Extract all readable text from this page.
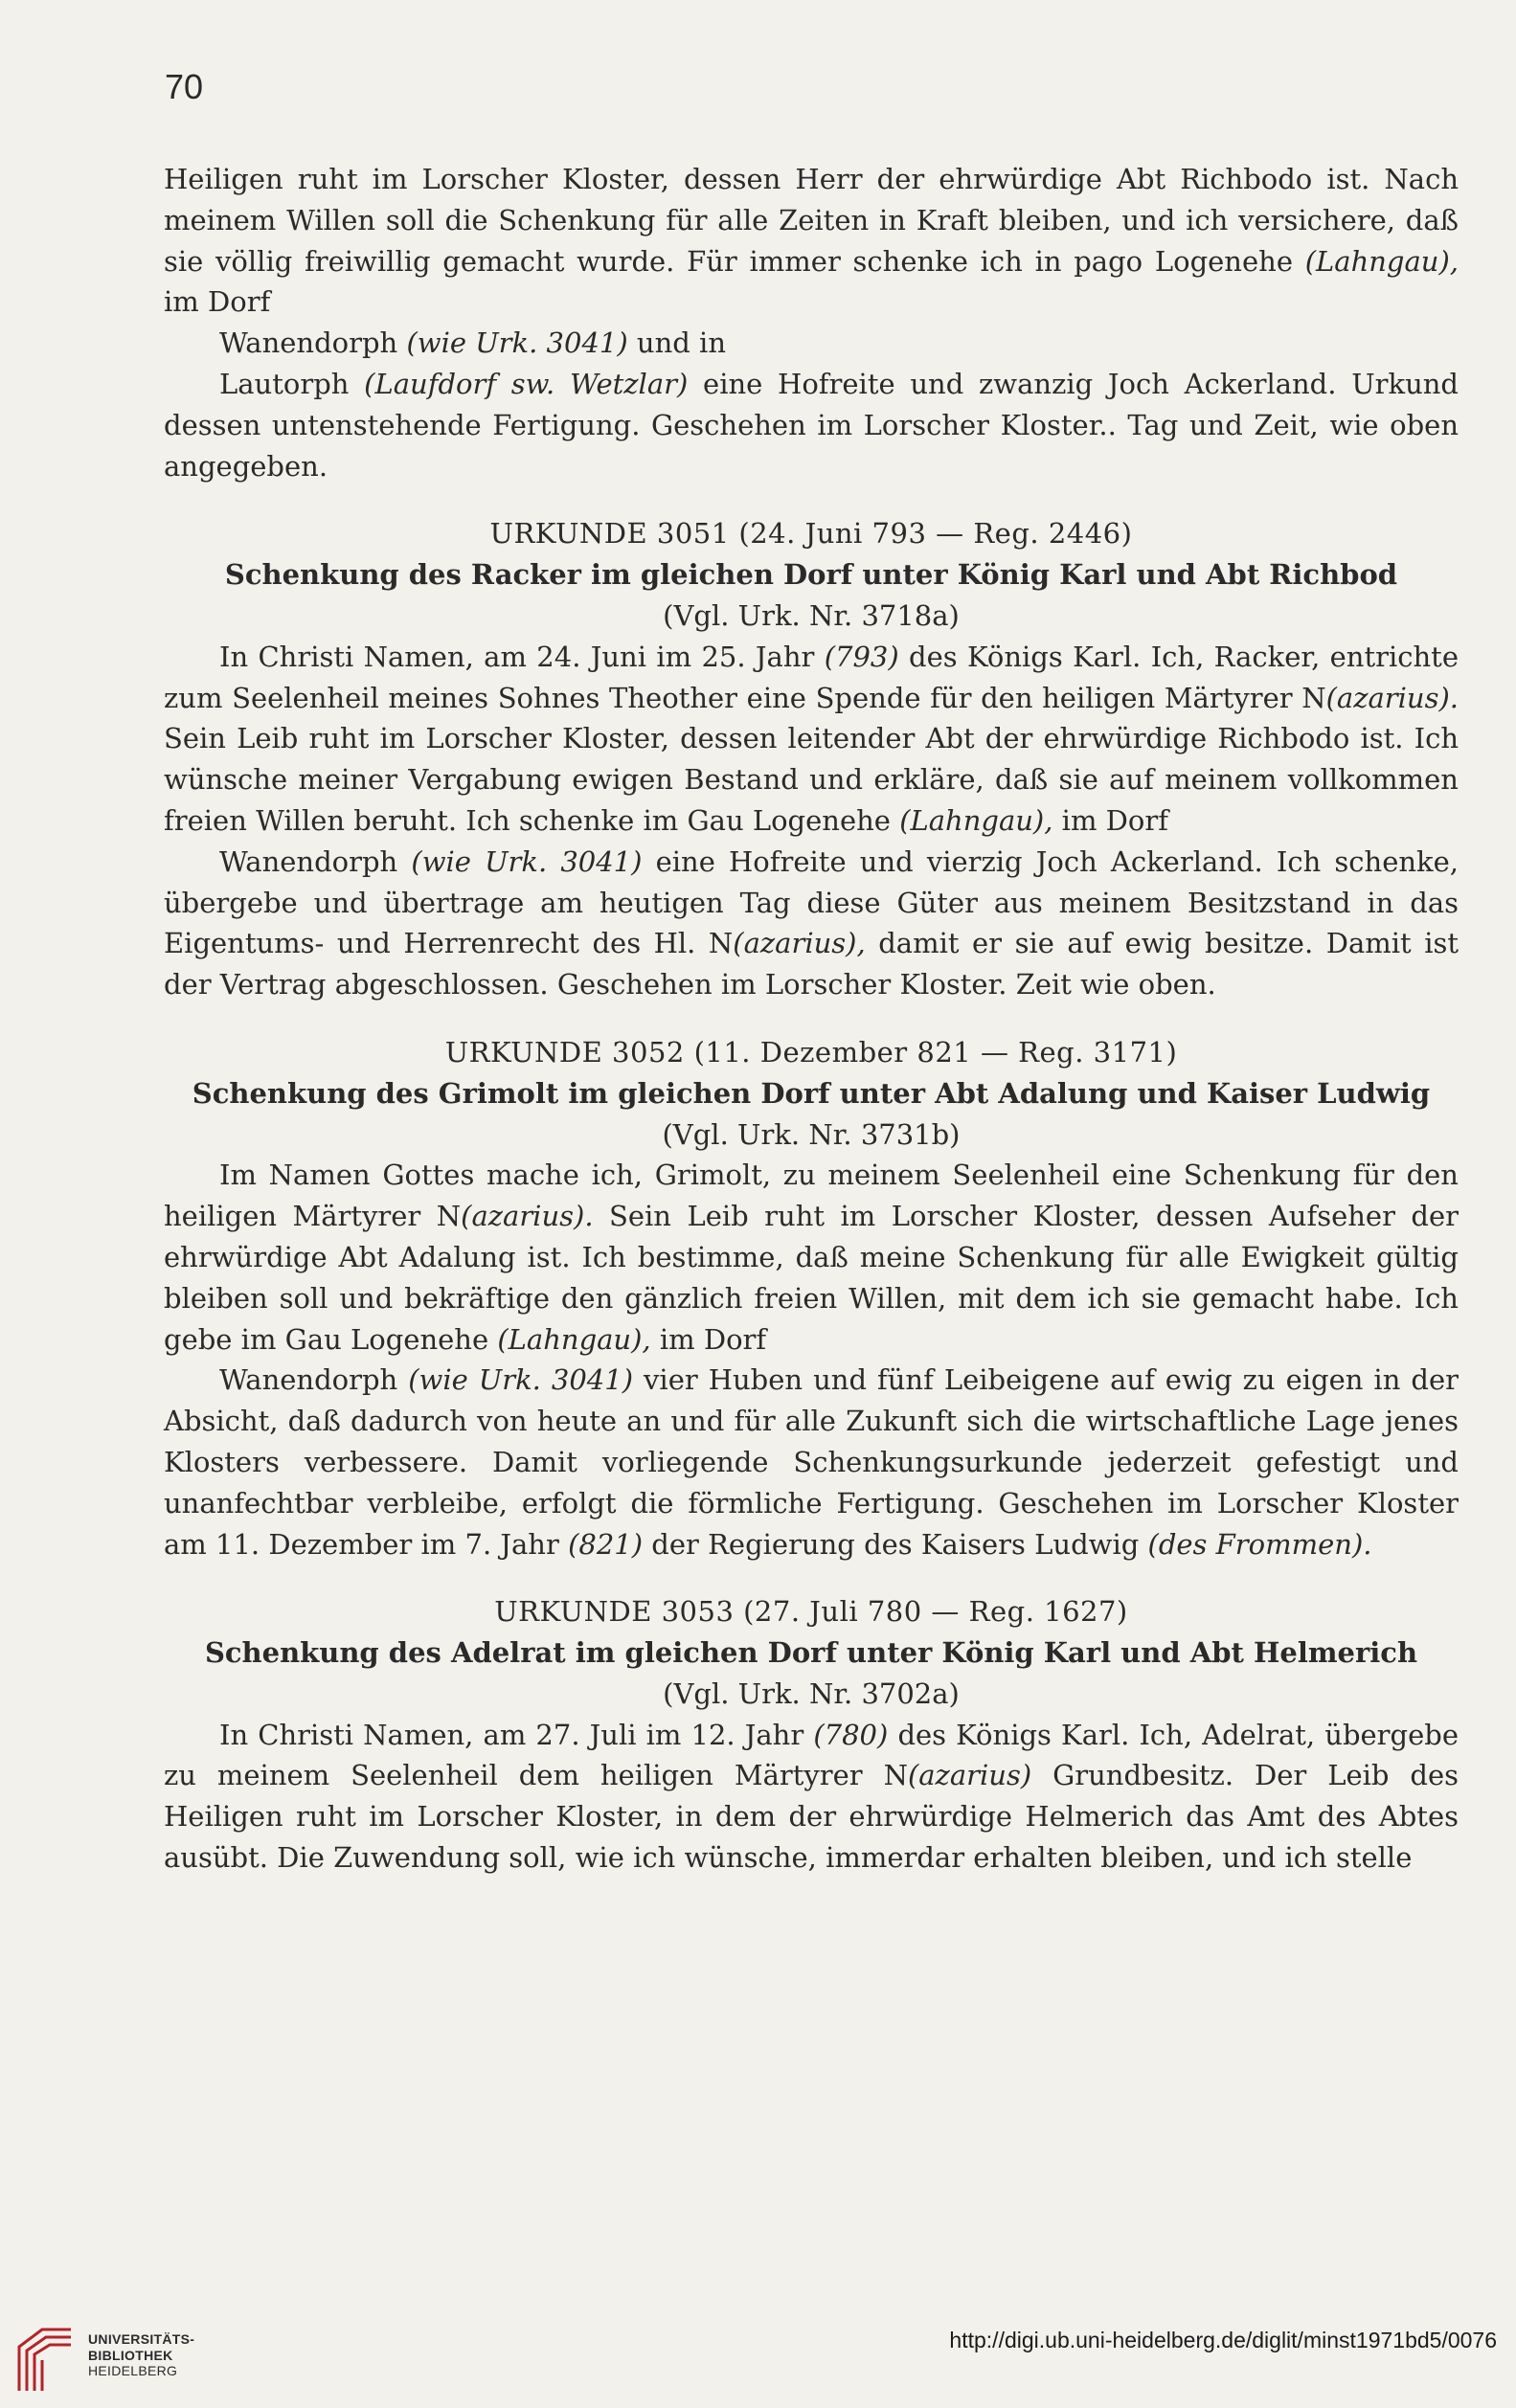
70

Heiligen ruht im Lorscher Kloster, dessen Herr der ehrwürdige Abt Richbodo ist. Nach meinem Willen soll die Schenkung für alle Zeiten in Kraft bleiben, und ich versichere, daß sie völlig freiwillig gemacht wurde. Für immer schenke ich in pago Logenehe (Lahngau), im Dorf

Wanendorph (wie Urk. 3041) und in

Lautorph (Laufdorf sw. Wetzlar) eine Hofreite und zwanzig Joch Ackerland. Urkund dessen untenstehende Fertigung. Geschehen im Lorscher Kloster.. Tag und Zeit, wie oben angegeben.

URKUNDE 3051 (24. Juni 793 — Reg. 2446)

Schenkung des Racker im gleichen Dorf unter König Karl und Abt Richbod

(Vgl. Urk. Nr. 3718a)

In Christi Namen, am 24. Juni im 25. Jahr (793) des Königs Karl. Ich, Racker, entrichte zum Seelenheil meines Sohnes Theother eine Spende für den heiligen Märtyrer N(azarius). Sein Leib ruht im Lorscher Kloster, dessen leitender Abt der ehrwürdige Richbodo ist. Ich wünsche meiner Vergabung ewigen Bestand und erkläre, daß sie auf meinem vollkommen freien Willen beruht. Ich schenke im Gau Logenehe (Lahngau), im Dorf

Wanendorph (wie Urk. 3041) eine Hofreite und vierzig Joch Ackerland. Ich schenke, übergebe und übertrage am heutigen Tag diese Güter aus meinem Besitzstand in das Eigentums- und Herrenrecht des Hl. N(azarius), damit er sie auf ewig besitze. Damit ist der Vertrag abgeschlossen. Geschehen im Lorscher Kloster. Zeit wie oben.

URKUNDE 3052 (11. Dezember 821 — Reg. 3171)

Schenkung des Grimolt im gleichen Dorf unter Abt Adalung und Kaiser Ludwig

(Vgl. Urk. Nr. 3731b)

Im Namen Gottes mache ich, Grimolt, zu meinem Seelenheil eine Schenkung für den heiligen Märtyrer N(azarius). Sein Leib ruht im Lorscher Kloster, dessen Aufseher der ehrwürdige Abt Adalung ist. Ich bestimme, daß meine Schenkung für alle Ewigkeit gültig bleiben soll und bekräftige den gänzlich freien Willen, mit dem ich sie gemacht habe. Ich gebe im Gau Logenehe (Lahngau), im Dorf

Wanendorph (wie Urk. 3041) vier Huben und fünf Leibeigene auf ewig zu eigen in der Absicht, daß dadurch von heute an und für alle Zukunft sich die wirtschaftliche Lage jenes Klosters verbessere. Damit vorliegende Schenkungsurkunde jederzeit gefestigt und unanfechtbar verbleibe, erfolgt die förmliche Fertigung. Geschehen im Lorscher Kloster am 11. Dezember im 7. Jahr (821) der Regierung des Kaisers Ludwig (des Frommen).

URKUNDE 3053 (27. Juli 780 — Reg. 1627)

Schenkung des Adelrat im gleichen Dorf unter König Karl und Abt Helmerich

(Vgl. Urk. Nr. 3702a)

In Christi Namen, am 27. Juli im 12. Jahr (780) des Königs Karl. Ich, Adelrat, übergebe zu meinem Seelenheil dem heiligen Märtyrer N(azarius) Grundbesitz. Der Leib des Heiligen ruht im Lorscher Kloster, in dem der ehrwürdige Helmerich das Amt des Abtes ausübt. Die Zuwendung soll, wie ich wünsche, immerdar erhalten bleiben, und ich stelle

UNIVERSITÄTS-
BIBLIOTHEK
HEIDELBERG
http://digi.ub.uni-heidelberg.de/diglit/minst1971bd5/0076
